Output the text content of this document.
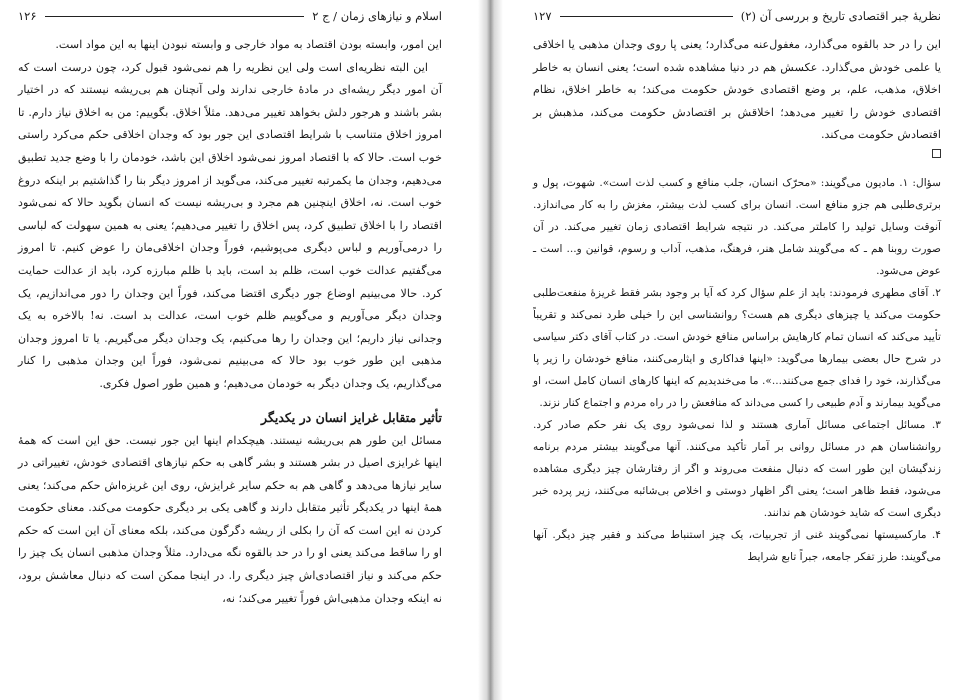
اسلام و نیازهای زمان / ج ۲
۱۲۶

این امور، وابسته بودن اقتصاد به مواد خارجی و وابسته نبودن اینها به این مواد است.

این البته نظریه‌ای است ولی این نظریه را هم نمی‌شود قبول کرد، چون درست است که آن امور دیگر ریشه‌ای در مادهٔ خارجی ندارند ولی آنچنان هم بی‌ریشه نیستند که در اختیار بشر باشند و هرجور دلش بخواهد تغییر می‌دهد. مثلاً اخلاق. بگوییم: من به اخلاق نیاز دارم. تا امروز اخلاق متناسب با شرایط اقتصادی این جور بود که وجدان اخلاقی حکم می‌کرد راستی خوب است. حالا که با اقتصاد امروز نمی‌شود اخلاق این باشد، خودمان را با وضع جدید تطبیق می‌دهیم، وجدان ما یکمرتبه تغییر می‌کند، می‌گوید از امروز دیگر بنا را گذاشتیم بر اینکه دروغ خوب است. نه، اخلاق اینچنین هم مجرد و بی‌ریشه نیست که انسان بگوید حالا که نمی‌شود اقتصاد را با اخلاق تطبیق کرد، پس اخلاق را تغییر می‌دهیم؛ یعنی به همین سهولت که لباسی را درمی‌آوریم و لباس دیگری می‌پوشیم، فوراً وجدان اخلاقی‌مان را عوض کنیم. تا امروز می‌گفتیم عدالت خوب است، ظلم بد است، باید با ظلم مبارزه کرد، باید از عدالت حمایت کرد. حالا می‌بینیم اوضاع جور دیگری اقتضا می‌کند، فوراً این وجدان را دور می‌اندازیم، یک وجدان دیگر می‌آوریم و می‌گوییم ظلم خوب است، عدالت بد است. نه! بالاخره به یک وجدانی نیاز داریم؛ این وجدان را رها می‌کنیم، یک وجدان دیگر می‌گیریم. یا تا امروز وجدان مذهبی این طور خوب بود حالا که می‌بینیم نمی‌شود، فوراً این وجدان مذهبی را کنار می‌گذاریم، یک وجدان دیگر به خودمان می‌دهیم؛ و همین طور اصول فکری.

تأثیر متقابل غرایز انسان در یکدیگر

مسائل این طور هم بی‌ریشه نیستند. هیچکدام اینها این جور نیست. حق این است که همهٔ اینها غرایزی اصیل در بشر هستند و بشر گاهی به حکم نیازهای اقتصادی خودش، تغییراتی در سایر نیازها می‌دهد و گاهی هم به حکم سایر غرایزش، روی این غریزه‌اش حکم می‌کند؛ یعنی همهٔ اینها در یکدیگر تأثیر متقابل دارند و گاهی یکی بر دیگری حکومت می‌کند. معنای حکومت کردن نه این است که آن را بکلی از ریشه دگرگون می‌کند، بلکه معنای آن این است که حکم او را ساقط می‌کند یعنی او را در حد بالقوه نگه می‌دارد. مثلاً وجدان مذهبی انسان یک چیز را حکم می‌کند و نیاز اقتصادی‌اش چیز دیگری را. در اینجا ممکن است که دنبال معاشش برود، نه اینکه وجدان مذهبی‌اش فوراً تغییر می‌کند؛ نه،

نظریهٔ جبر اقتصادی تاریخ و بررسی آن (۲)
۱۲۷

این را در حد بالقوه می‌گذارد، مغفول‌عنه می‌گذارد؛ یعنی پا روی وجدان مذهبی یا اخلاقی یا علمی خودش می‌گذارد. عکسش هم در دنیا مشاهده شده است؛ یعنی انسان به خاطر اخلاق، مذهب، علم، بر وضع اقتصادی خودش حکومت می‌کند؛ به خاطر اخلاق، نظام اقتصادی خودش را تغییر می‌دهد؛ اخلاقش بر اقتصادش حکومت می‌کند، مذهبش بر اقتصادش حکومت می‌کند.

سؤال: ۱. مادیون می‌گویند: «محرّک انسان، جلب منافع و کسب لذت است». شهوت، پول و برتری‌طلبی هم جزو منافع است. انسان برای کسب لذت بیشتر، مغزش را به کار می‌اندازد. آنوقت وسایل تولید را کاملتر می‌کند. در نتیجه شرایط اقتصادی زمان تغییر می‌کند. در آن صورت روبنا هم ـ که می‌گویند شامل هنر، فرهنگ، مذهب، آداب و رسوم، قوانین و... است ـ عوض می‌شود.

۲. آقای مطهری فرمودند: باید از علم سؤال کرد که آیا بر وجود بشر فقط غریزهٔ منفعت‌طلبی حکومت می‌کند یا چیزهای دیگری هم هست؟ روانشناسی این را خیلی طرد نمی‌کند و تقریباً تأیید می‌کند که انسان تمام کارهایش براساس منافع خودش است. در کتاب آقای دکتر سیاسی در شرح حال بعضی بیمارها می‌گوید: «اینها فداکاری و ایثارمی‌کنند، منافع خودشان را زیر پا می‌گذارند، خود را فدای جمع می‌کنند...». ما می‌خندیدیم که اینها کارهای انسان کامل است، او می‌گوید بیمارند و آدم طبیعی را کسی می‌داند که منافعش را در راه مردم و اجتماع کنار نزند.

۳. مسائل اجتماعی مسائل آماری هستند و لذا نمی‌شود روی یک نفر حکم صادر کرد. روانشناسان هم در مسائل روانی بر آمار تأکید می‌کنند. آنها می‌گویند بیشتر مردم برنامه زندگیشان این طور است که دنبال منفعت می‌روند و اگر از رفتارشان چیز دیگری مشاهده می‌شود، فقط ظاهر است؛ یعنی اگر اظهار دوستی و اخلاص بی‌شائبه می‌کنند، زیر پرده خبر دیگری است که شاید خودشان هم ندانند.

۴. مارکسیستها نمی‌گویند غنی از تجربیات، یک چیز استنباط می‌کند و فقیر چیز دیگر. آنها می‌گویند: طرز تفکر جامعه، جبراً تابع شرایط
